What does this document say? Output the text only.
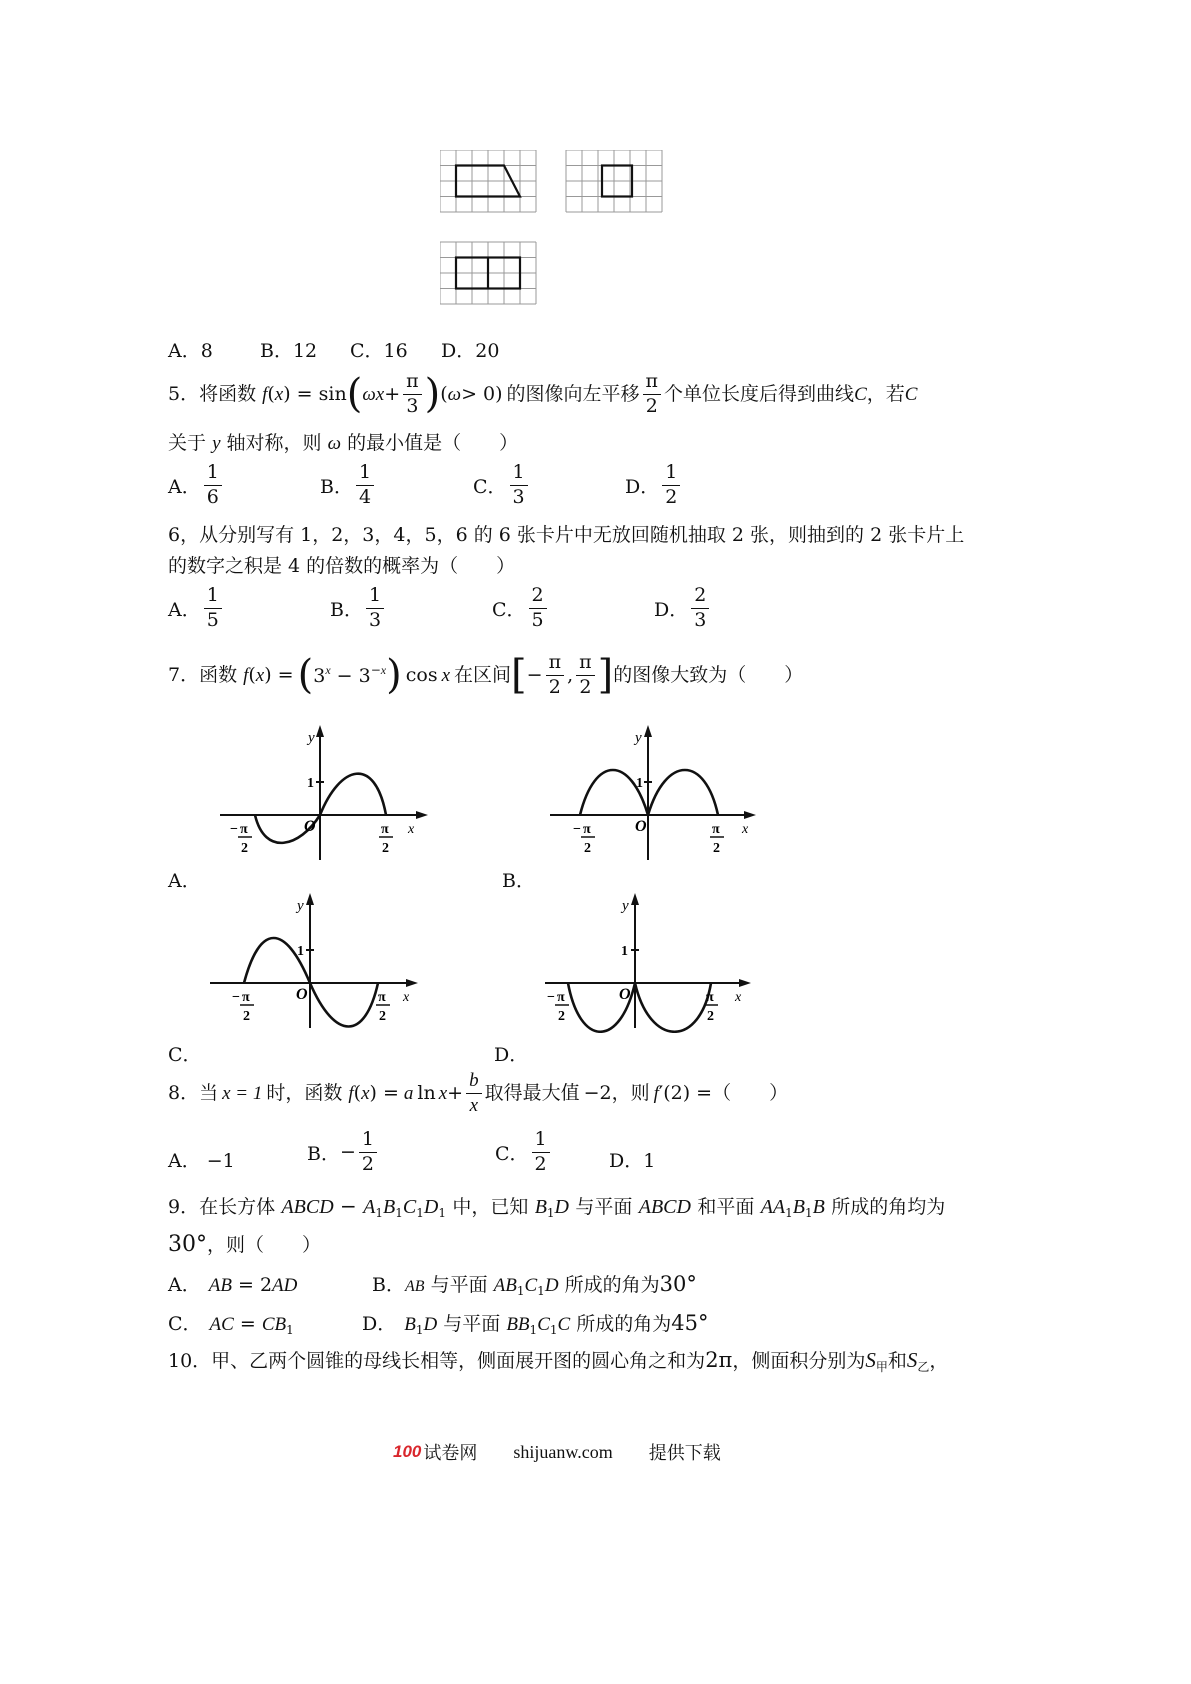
A．8 B．12 C．16 D．20
5．将函数 f ( x ) = sin ( ω $x + \frac{\pi}{3}$ ) ( ω > 0) 的图像向左平移 $\frac{\pi}{2}$ 个单位长度后得到曲线 C ，若 C
关于 y 轴对称，则 ω 的最小值是（　　）
A． $\frac{1}{6}$	B． $\frac{1}{4}$	C． $\frac{1}{3}$	D． $\frac{1}{2}$
6，从分别写有 1，2，3，4，5，6 的 6 张卡片中无放回随机抽取 2 张，则抽到的 2 张卡片上
的数字之积是 4 的倍数的概率为（　　）
A． $\frac{1}{5}$	B． $\frac{1}{3}$	C． $\frac{2}{5}$	D． $\frac{2}{3}$
7．函数 f ( x ) = ( $3^x - 3^{-x}$ ) cos x 在区间 [ − $\frac{\pi}{2}$ , $\frac{\pi}{2}$ ] 的图像大致为（　　）
y
x
O
1
− π
2
π
2
A．
y
x
O
1
− π
2
π
2
B．
y
x
O
1
− π
2
π
2
C．
y
x
O
1
− π
2
π
2
D．
8．当 x = 1 时，函数 f ( x ) = a $\ln x + \frac{b}{x}$ 取得最大值 −2 ，则 f ′(2) = （　　）
A． −1	B． − $\frac{1}{2}$	C． $\frac{1}{2}$	D．1
9．在长方体 ABCD − $A_1B_1C_1D_1$ 中，已知 $B_1D$ 与平面 ABCD 和平面 $AA_1B_1B$ 所成的角均为
30°，则（　　）
A． AB = 2AD	B．AB 与平面 $AB_1C_1D$ 所成的角为30°
C． AC = $CB_1$	D． $B_1D$ 与平面 $BB_1C_1C$ 所成的角为45°
10．甲、乙两个圆锥的母线长相等，侧面展开图的圆心角之和为2π，侧面积分别为$S_甲$和$S_乙$，
100 试卷网 shijuanw.com 提供下载
